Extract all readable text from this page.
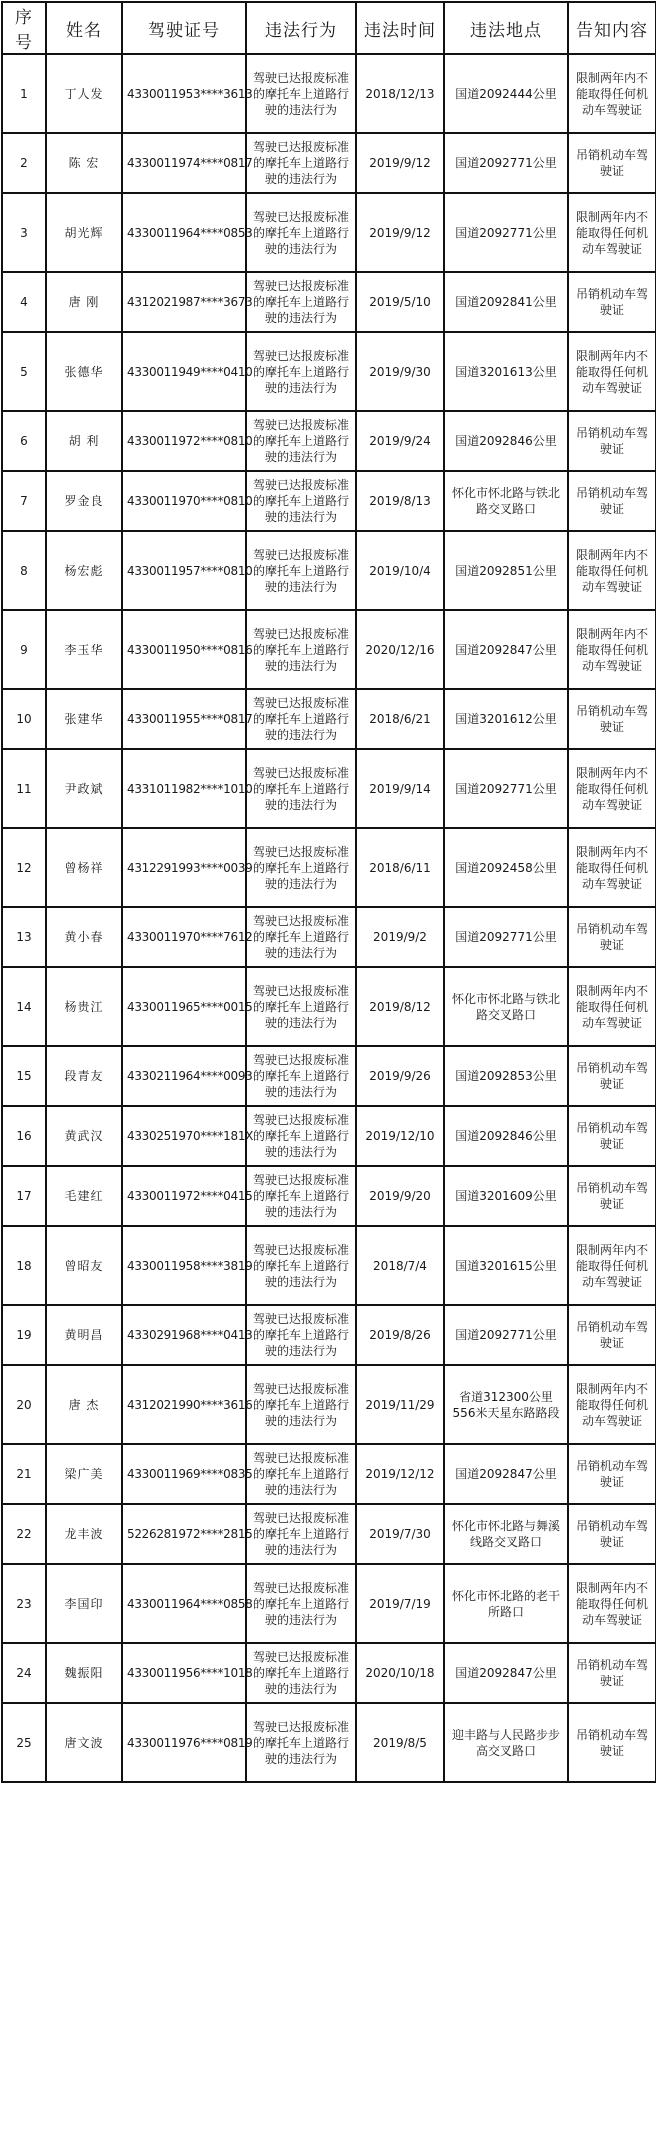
序号	姓名	驾驶证号	违法行为	违法时间	违法地点	告知内容
1	丁人发	4330011953****3613	驾驶已达报废标准的摩托车上道路行驶的违法行为	2018/12/13	国道2092444公里	限制两年内不能取得任何机动车驾驶证
2	陈 宏	4330011974****0817	驾驶已达报废标准的摩托车上道路行驶的违法行为	2019/9/12	国道2092771公里	吊销机动车驾驶证
3	胡光辉	4330011964****0853	驾驶已达报废标准的摩托车上道路行驶的违法行为	2019/9/12	国道2092771公里	限制两年内不能取得任何机动车驾驶证
4	唐 刚	4312021987****3673	驾驶已达报废标准的摩托车上道路行驶的违法行为	2019/5/10	国道2092841公里	吊销机动车驾驶证
5	张德华	4330011949****0410	驾驶已达报废标准的摩托车上道路行驶的违法行为	2019/9/30	国道3201613公里	限制两年内不能取得任何机动车驾驶证
6	胡 利	4330011972****0810	驾驶已达报废标准的摩托车上道路行驶的违法行为	2019/9/24	国道2092846公里	吊销机动车驾驶证
7	罗金良	4330011970****0810	驾驶已达报废标准的摩托车上道路行驶的违法行为	2019/8/13	怀化市怀北路与铁北路交叉路口	吊销机动车驾驶证
8	杨宏彪	4330011957****0810	驾驶已达报废标准的摩托车上道路行驶的违法行为	2019/10/4	国道2092851公里	限制两年内不能取得任何机动车驾驶证
9	李玉华	4330011950****0816	驾驶已达报废标准的摩托车上道路行驶的违法行为	2020/12/16	国道2092847公里	限制两年内不能取得任何机动车驾驶证
10	张建华	4330011955****0817	驾驶已达报废标准的摩托车上道路行驶的违法行为	2018/6/21	国道3201612公里	吊销机动车驾驶证
11	尹政斌	4331011982****1010	驾驶已达报废标准的摩托车上道路行驶的违法行为	2019/9/14	国道2092771公里	限制两年内不能取得任何机动车驾驶证
12	曾杨祥	4312291993****0039	驾驶已达报废标准的摩托车上道路行驶的违法行为	2018/6/11	国道2092458公里	限制两年内不能取得任何机动车驾驶证
13	黄小春	4330011970****7612	驾驶已达报废标准的摩托车上道路行驶的违法行为	2019/9/2	国道2092771公里	吊销机动车驾驶证
14	杨贵江	4330011965****0015	驾驶已达报废标准的摩托车上道路行驶的违法行为	2019/8/12	怀化市怀北路与铁北路交叉路口	限制两年内不能取得任何机动车驾驶证
15	段青友	4330211964****0093	驾驶已达报废标准的摩托车上道路行驶的违法行为	2019/9/26	国道2092853公里	吊销机动车驾驶证
16	黄武汉	4330251970****181X	驾驶已达报废标准的摩托车上道路行驶的违法行为	2019/12/10	国道2092846公里	吊销机动车驾驶证
17	毛建红	4330011972****0415	驾驶已达报废标准的摩托车上道路行驶的违法行为	2019/9/20	国道3201609公里	吊销机动车驾驶证
18	曾昭友	4330011958****3819	驾驶已达报废标准的摩托车上道路行驶的违法行为	2018/7/4	国道3201615公里	限制两年内不能取得任何机动车驾驶证
19	黄明昌	4330291968****0413	驾驶已达报废标准的摩托车上道路行驶的违法行为	2019/8/26	国道2092771公里	吊销机动车驾驶证
20	唐 杰	4312021990****3616	驾驶已达报废标准的摩托车上道路行驶的违法行为	2019/11/29	省道312300公里556米天星东路路段	限制两年内不能取得任何机动车驾驶证
21	梁广美	4330011969****0835	驾驶已达报废标准的摩托车上道路行驶的违法行为	2019/12/12	国道2092847公里	吊销机动车驾驶证
22	龙丰波	5226281972****2815	驾驶已达报废标准的摩托车上道路行驶的违法行为	2019/7/30	怀化市怀北路与舞溪线路交叉路口	吊销机动车驾驶证
23	李国印	4330011964****0858	驾驶已达报废标准的摩托车上道路行驶的违法行为	2019/7/19	怀化市怀北路的老干所路口	限制两年内不能取得任何机动车驾驶证
24	魏振阳	4330011956****1018	驾驶已达报废标准的摩托车上道路行驶的违法行为	2020/10/18	国道2092847公里	吊销机动车驾驶证
25	唐文波	4330011976****0819	驾驶已达报废标准的摩托车上道路行驶的违法行为	2019/8/5	迎丰路与人民路步步高交叉路口	吊销机动车驾驶证
